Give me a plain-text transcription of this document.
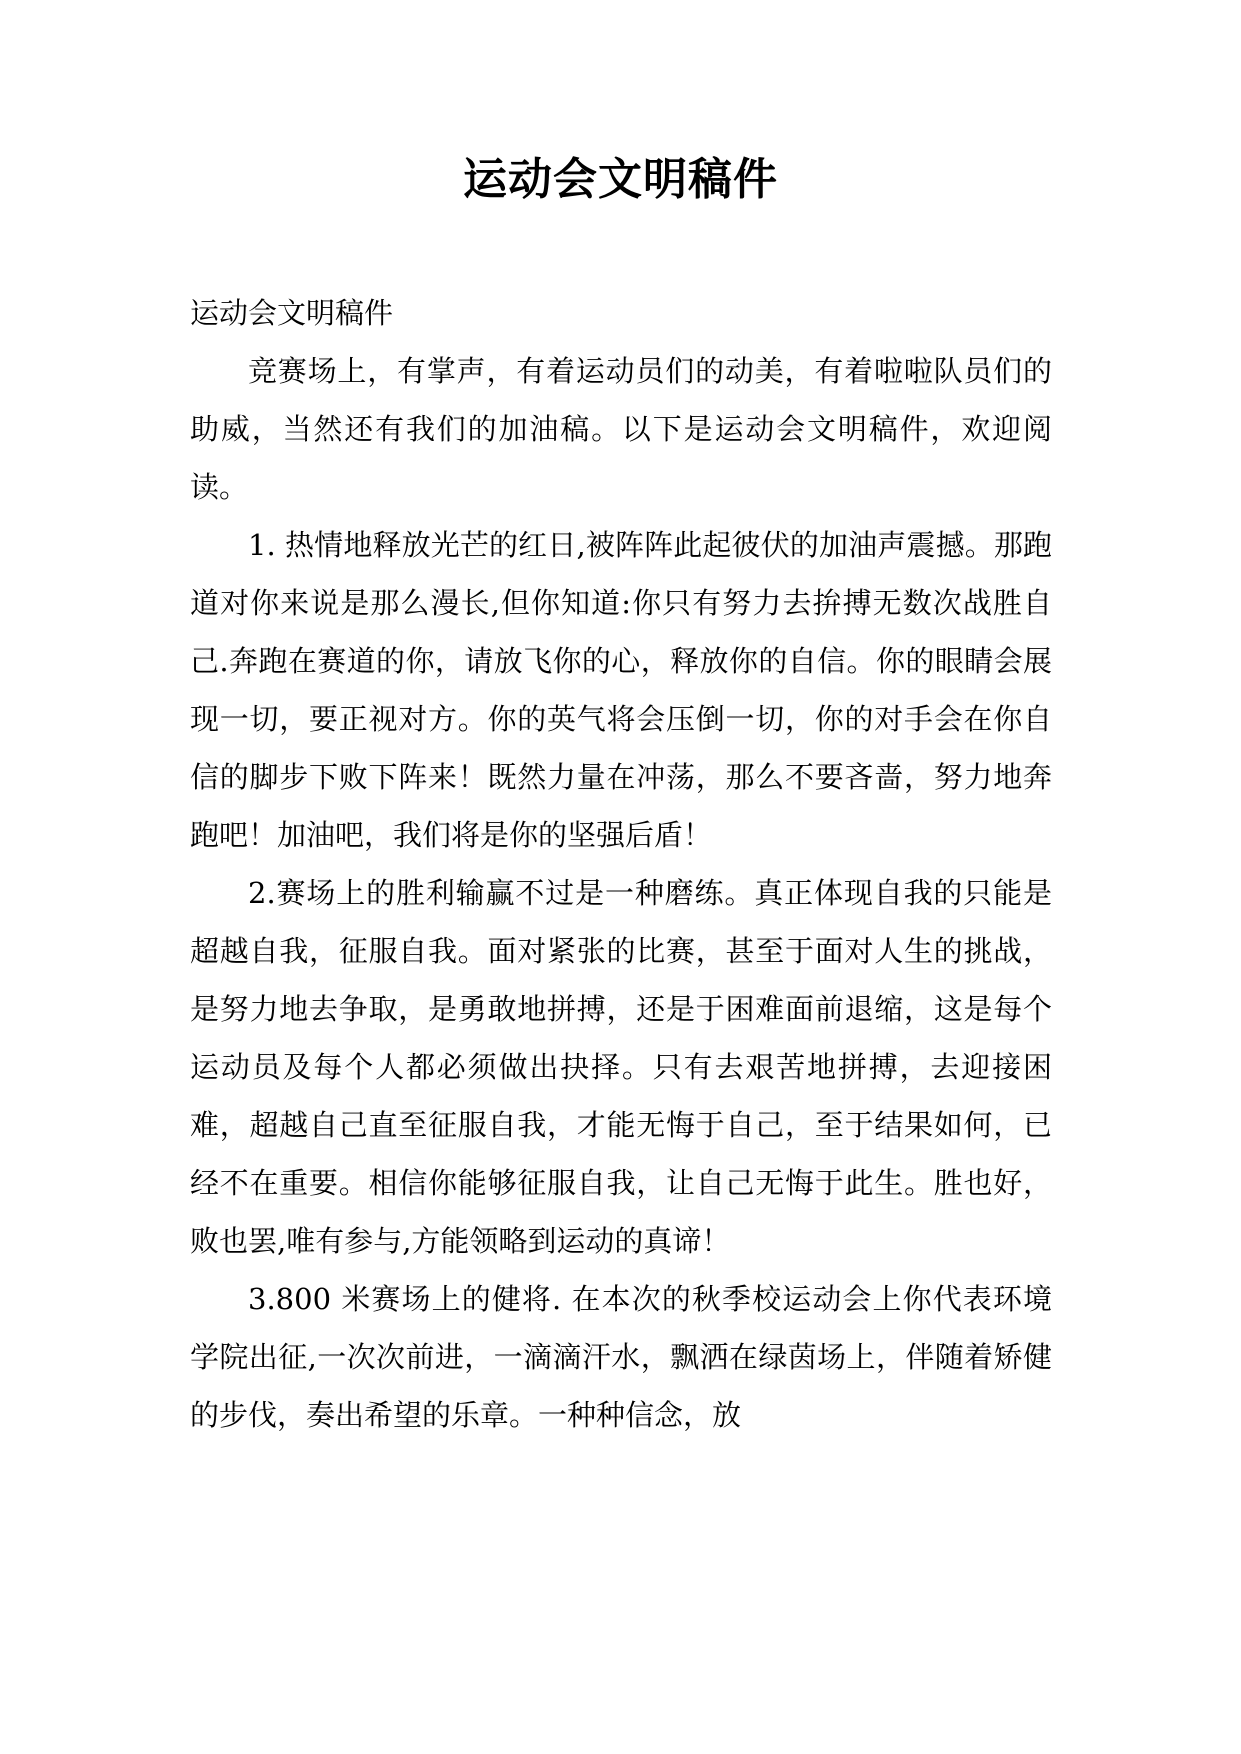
运动会文明稿件

运动会文明稿件

竞赛场上，有掌声，有着运动员们的动美，有着啦啦队员们的助威，当然还有我们的加油稿。以下是运动会文明稿件，欢迎阅读。

1. 热情地释放光芒的红日,被阵阵此起彼伏的加油声震撼。那跑道对你来说是那么漫长,但你知道:你只有努力去拚搏无数次战胜自己.奔跑在赛道的你，请放飞你的心，释放你的自信。你的眼睛会展现一切，要正视对方。你的英气将会压倒一切，你的对手会在你自信的脚步下败下阵来！既然力量在冲荡，那么不要吝啬，努力地奔跑吧！加油吧，我们将是你的坚强后盾！

2.赛场上的胜利输赢不过是一种磨练。真正体现自我的只能是超越自我，征服自我。面对紧张的比赛，甚至于面对人生的挑战，是努力地去争取，是勇敢地拼搏，还是于困难面前退缩，这是每个运动员及每个人都必须做出抉择。只有去艰苦地拼搏，去迎接困难，超越自己直至征服自我，才能无悔于自己，至于结果如何，已经不在重要。相信你能够征服自我，让自己无悔于此生。胜也好，败也罢,唯有参与,方能领略到运动的真谛！

3.800 米赛场上的健将. 在本次的秋季校运动会上你代表环境学院出征,一次次前进，一滴滴汗水，飘洒在绿茵场上，伴随着矫健的步伐，奏出希望的乐章。一种种信念，放
